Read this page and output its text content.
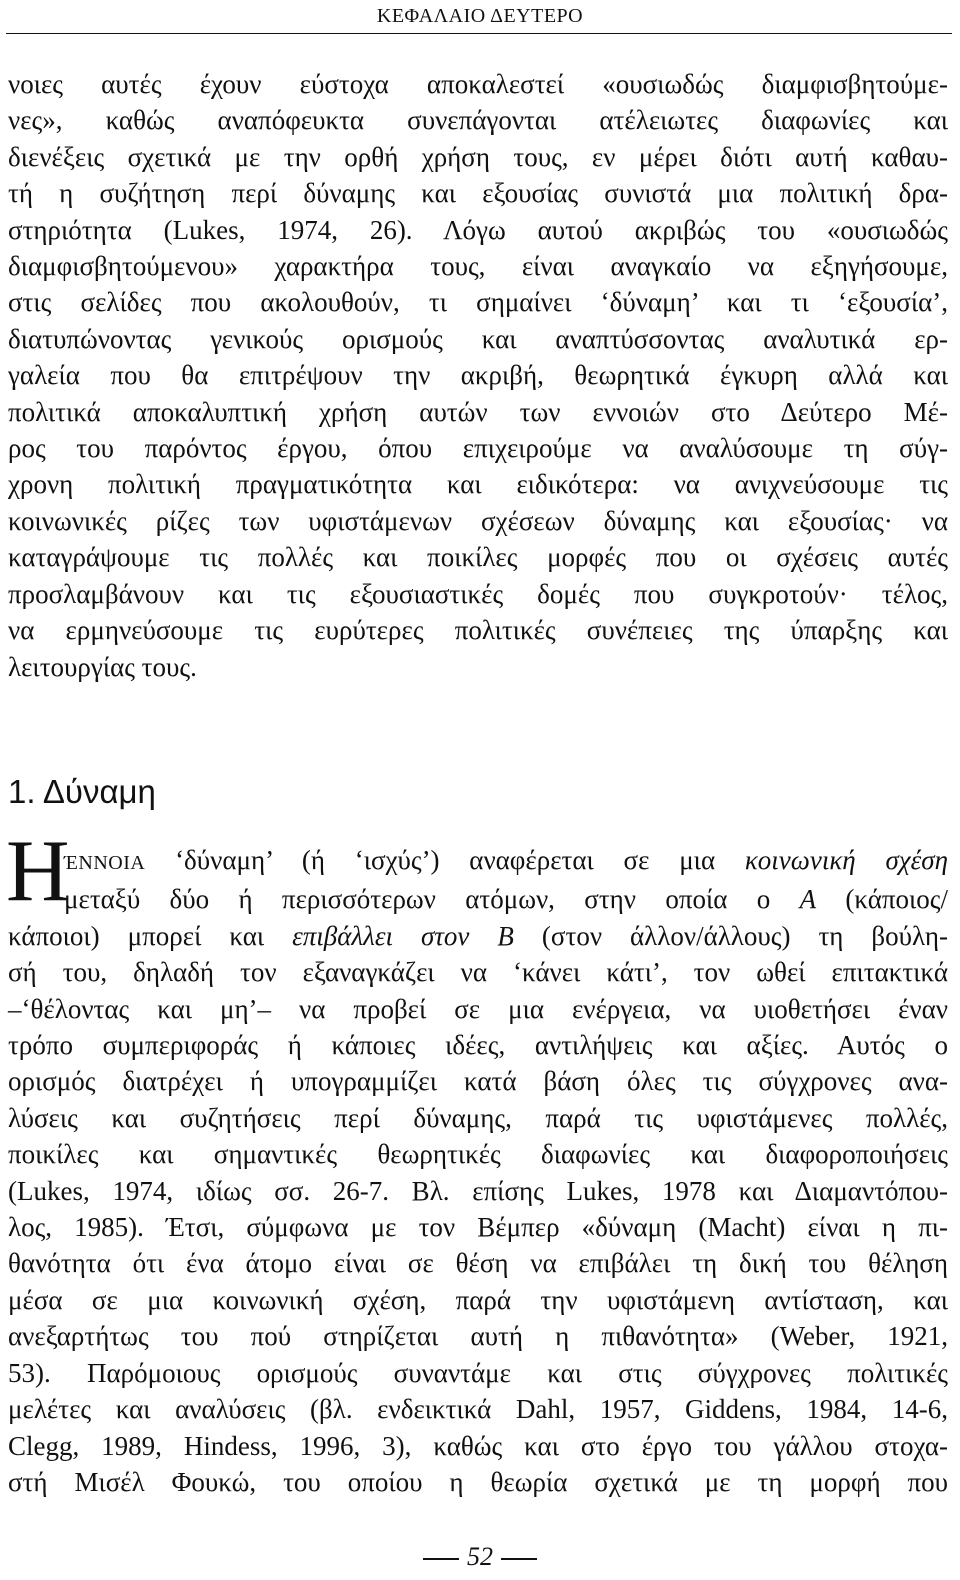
ΚΕΦΑΛΑΙΟ ΔΕΥΤΕΡΟ
νοιες αυτές έχουν εύστοχα αποκαλεστεί «ουσιωδώς διαμφισβητούμε-
νες», καθώς αναπόφευκτα συνεπάγονται ατέλειωτες διαφωνίες και
διενέξεις σχετικά με την ορθή χρήση τους, εν μέρει διότι αυτή καθαυ-
τή η συζήτηση περί δύναμης και εξουσίας συνιστά μια πολιτική δρα-
στηριότητα (Lukes, 1974, 26). Λόγω αυτού ακριβώς του «ουσιωδώς
διαμφισβητούμενου» χαρακτήρα τους, είναι αναγκαίο να εξηγήσουμε,
στις σελίδες που ακολουθούν, τι σημαίνει ‘δύναμη’ και τι ‘εξουσία’,
διατυπώνοντας γενικούς ορισμούς και αναπτύσσοντας αναλυτικά ερ-
γαλεία που θα επιτρέψουν την ακριβή, θεωρητικά έγκυρη αλλά και
πολιτικά αποκαλυπτική χρήση αυτών των εννοιών στο Δεύτερο Μέ-
ρος του παρόντος έργου, όπου επιχειρούμε να αναλύσουμε τη σύγ-
χρονη πολιτική πραγματικότητα και ειδικότερα: να ανιχνεύσουμε τις
κοινωνικές ρίζες των υφιστάμενων σχέσεων δύναμης και εξουσίας· να
καταγράψουμε τις πολλές και ποικίλες μορφές που οι σχέσεις αυτές
προσλαμβάνουν και τις εξουσιαστικές δομές που συγκροτούν· τέλος,
να ερμηνεύσουμε τις ευρύτερες πολιτικές συνέπειες της ύπαρξης και
λειτουργίας τους.
1. Δύναμη
Η
ΈΝΝΟΙΑ ‘δύναμη’ (ή ‘ισχύς’) αναφέρεται σε μια κοινωνική σχέση
μεταξύ δύο ή περισσότερων ατόμων, στην οποία ο Α (κάποιος/
κάποιοι) μπορεί και επιβάλλει στον Β (στον άλλον/άλλους) τη βούλη-
σή του, δηλαδή τον εξαναγκάζει να ‘κάνει κάτι’, τον ωθεί επιτακτικά
–‘θέλοντας και μη’– να προβεί σε μια ενέργεια, να υιοθετήσει έναν
τρόπο συμπεριφοράς ή κάποιες ιδέες, αντιλήψεις και αξίες. Αυτός ο
ορισμός διατρέχει ή υπογραμμίζει κατά βάση όλες τις σύγχρονες ανα-
λύσεις και συζητήσεις περί δύναμης, παρά τις υφιστάμενες πολλές,
ποικίλες και σημαντικές θεωρητικές διαφωνίες και διαφοροποιήσεις
(Lukes, 1974, ιδίως σσ. 26-7. Βλ. επίσης Lukes, 1978 και Διαμαντόπου-
λος, 1985). Έτσι, σύμφωνα με τον Βέμπερ «δύναμη (Macht) είναι η πι-
θανότητα ότι ένα άτομο είναι σε θέση να επιβάλει τη δική του θέληση
μέσα σε μια κοινωνική σχέση, παρά την υφιστάμενη αντίσταση, και
ανεξαρτήτως του πού στηρίζεται αυτή η πιθανότητα» (Weber, 1921,
53). Παρόμοιους ορισμούς συναντάμε και στις σύγχρονες πολιτικές
μελέτες και αναλύσεις (βλ. ενδεικτικά Dahl, 1957, Giddens, 1984, 14-6,
Clegg, 1989, Hindess, 1996, 3), καθώς και στο έργο του γάλλου στοχα-
στή Μισέλ Φουκώ, του οποίου η θεωρία σχετικά με τη μορφή που
52
